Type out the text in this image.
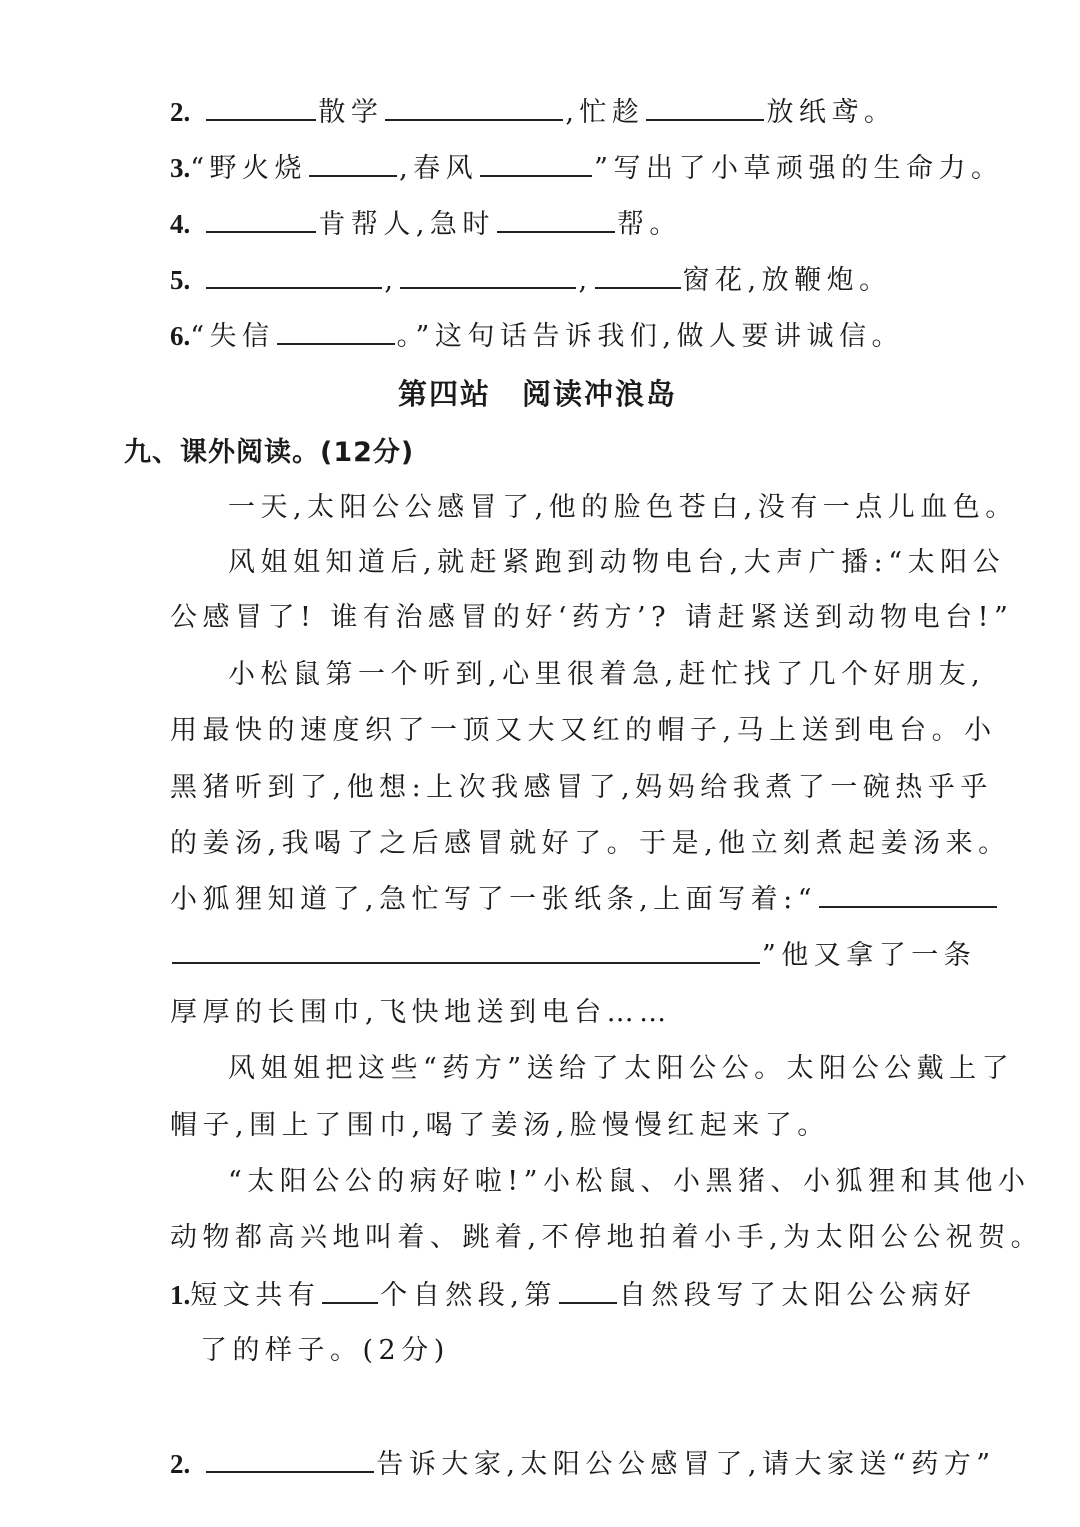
2.	散学	,忙趁	放纸鸢。
3.“野火烧	,春风	”写出了小草顽强的生命力。
4.	肯帮人,急时	帮。
5.	,	,	窗花,放鞭炮。
6.“失信	。”这句话告诉我们,做人要讲诚信。
第四站　阅读冲浪岛
九、课外阅读。(12分)
一天,太阳公公感冒了,他的脸色苍白,没有一点儿血色。
风姐姐知道后,就赶紧跑到动物电台,大声广播:“太阳公
公感冒了! 谁有治感冒的好‘药方’? 请赶紧送到动物电台!”
小松鼠第一个听到,心里很着急,赶忙找了几个好朋友,
用最快的速度织了一顶又大又红的帽子,马上送到电台。小
黑猪听到了,他想:上次我感冒了,妈妈给我煮了一碗热乎乎
的姜汤,我喝了之后感冒就好了。于是,他立刻煮起姜汤来。
小狐狸知道了,急忙写了一张纸条,上面写着:“
”他又拿了一条
厚厚的长围巾,飞快地送到电台……
风姐姐把这些“药方”送给了太阳公公。太阳公公戴上了
帽子,围上了围巾,喝了姜汤,脸慢慢红起来了。
“太阳公公的病好啦!”小松鼠、小黑猪、小狐狸和其他小
动物都高兴地叫着、跳着,不停地拍着小手,为太阳公公祝贺。
1.短文共有 个自然段,第 自然段写了太阳公公病好
了的样子。(2分)
2.	告诉大家,太阳公公感冒了,请大家送“药方”
